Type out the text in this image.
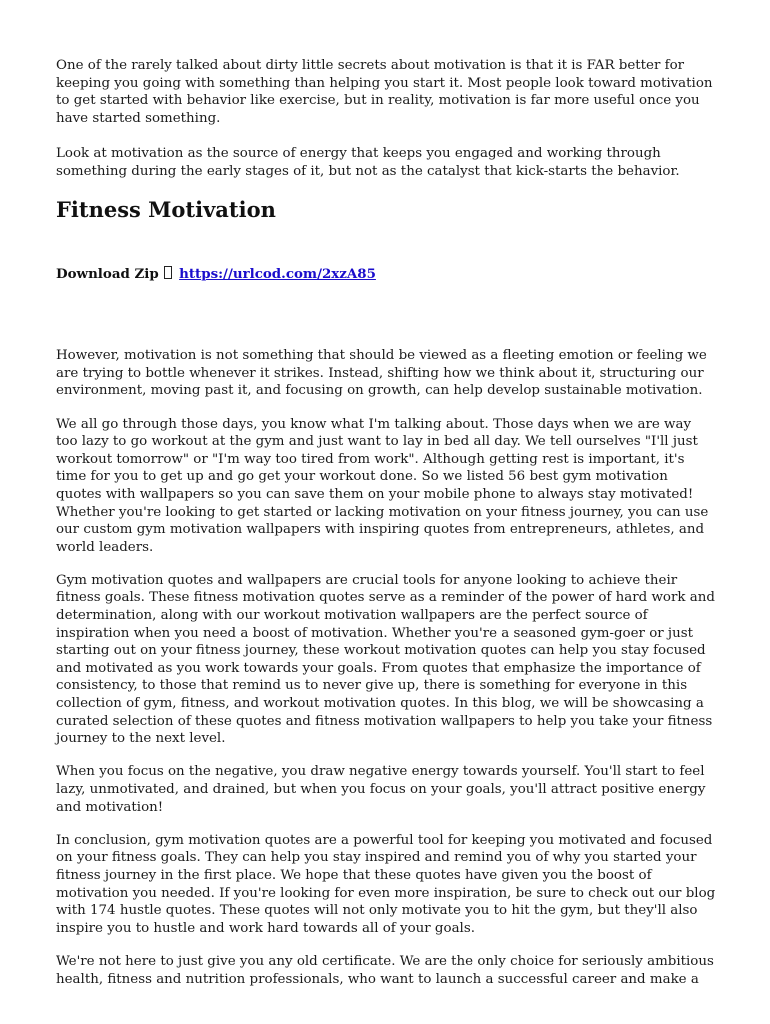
One of the rarely talked about dirty little secrets about motivation is that it is FAR better for keeping you going with something than helping you start it. Most people look toward motivation to get started with behavior like exercise, but in reality, motivation is far more useful once you have started something.

Look at motivation as the source of energy that keeps you engaged and working through something during the early stages of it, but not as the catalyst that kick-starts the behavior.

Fitness Motivation
Download Zip https://urlcod.com/2xzA85

However, motivation is not something that should be viewed as a fleeting emotion or feeling we are trying to bottle whenever it strikes. Instead, shifting how we think about it, structuring our environment, moving past it, and focusing on growth, can help develop sustainable motivation.

We all go through those days, you know what I'm talking about. Those days when we are way too lazy to go workout at the gym and just want to lay in bed all day. We tell ourselves "I'll just workout tomorrow" or "I'm way too tired from work". Although getting rest is important, it's time for you to get up and go get your workout done. So we listed 56 best gym motivation quotes with wallpapers so you can save them on your mobile phone to always stay motivated! Whether you're looking to get started or lacking motivation on your fitness journey, you can use our custom gym motivation wallpapers with inspiring quotes from entrepreneurs, athletes, and world leaders.

Gym motivation quotes and wallpapers are crucial tools for anyone looking to achieve their fitness goals. These fitness motivation quotes serve as a reminder of the power of hard work and determination, along with our workout motivation wallpapers are the perfect source of inspiration when you need a boost of motivation. Whether you're a seasoned gym-goer or just starting out on your fitness journey, these workout motivation quotes can help you stay focused and motivated as you work towards your goals. From quotes that emphasize the importance of consistency, to those that remind us to never give up, there is something for everyone in this collection of gym, fitness, and workout motivation quotes. In this blog, we will be showcasing a curated selection of these quotes and fitness motivation wallpapers to help you take your fitness journey to the next level.

When you focus on the negative, you draw negative energy towards yourself. You'll start to feel lazy, unmotivated, and drained, but when you focus on your goals, you'll attract positive energy and motivation!

In conclusion, gym motivation quotes are a powerful tool for keeping you motivated and focused on your fitness goals. They can help you stay inspired and remind you of why you started your fitness journey in the first place. We hope that these quotes have given you the boost of motivation you needed. If you're looking for even more inspiration, be sure to check out our blog with 174 hustle quotes. These quotes will not only motivate you to hit the gym, but they'll also inspire you to hustle and work hard towards all of your goals.

We're not here to just give you any old certificate. We are the only choice for seriously ambitious health, fitness and nutrition professionals, who want to launch a successful career and make a
